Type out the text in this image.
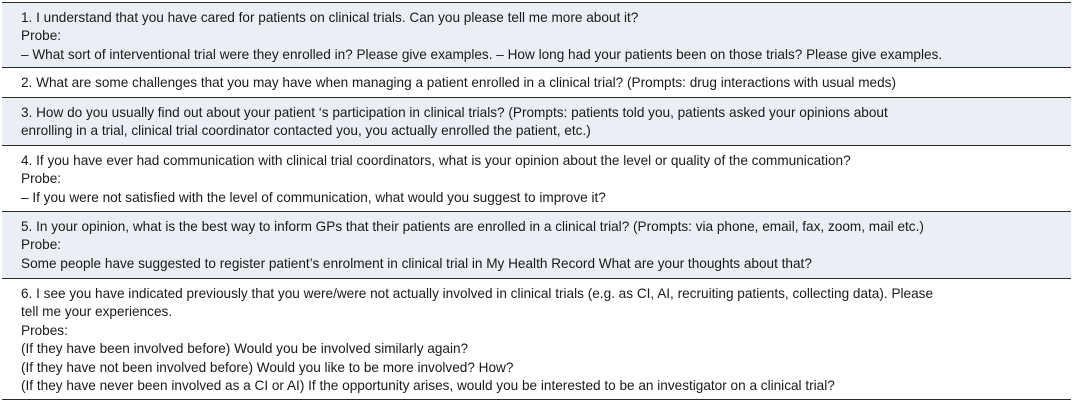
1. I understand that you have cared for patients on clinical trials. Can you please tell me more about it?
Probe:
– What sort of interventional trial were they enrolled in? Please give examples. – How long had your patients been on those trials? Please give examples.
2. What are some challenges that you may have when managing a patient enrolled in a clinical trial? (Prompts: drug interactions with usual meds)
3. How do you usually find out about your patient ‘s participation in clinical trials? (Prompts: patients told you, patients asked your opinions about
enrolling in a trial, clinical trial coordinator contacted you, you actually enrolled the patient, etc.)
4. If you have ever had communication with clinical trial coordinators, what is your opinion about the level or quality of the communication?
Probe:
– If you were not satisfied with the level of communication, what would you suggest to improve it?
5. In your opinion, what is the best way to inform GPs that their patients are enrolled in a clinical trial? (Prompts: via phone, email, fax, zoom, mail etc.)
Probe:
Some people have suggested to register patient’s enrolment in clinical trial in My Health Record What are your thoughts about that?
6. I see you have indicated previously that you were/were not actually involved in clinical trials (e.g. as CI, AI, recruiting patients, collecting data). Please
tell me your experiences.
Probes:
(If they have been involved before) Would you be involved similarly again?
(If they have not been involved before) Would you like to be more involved? How?
(If they have never been involved as a CI or AI) If the opportunity arises, would you be interested to be an investigator on a clinical trial?
